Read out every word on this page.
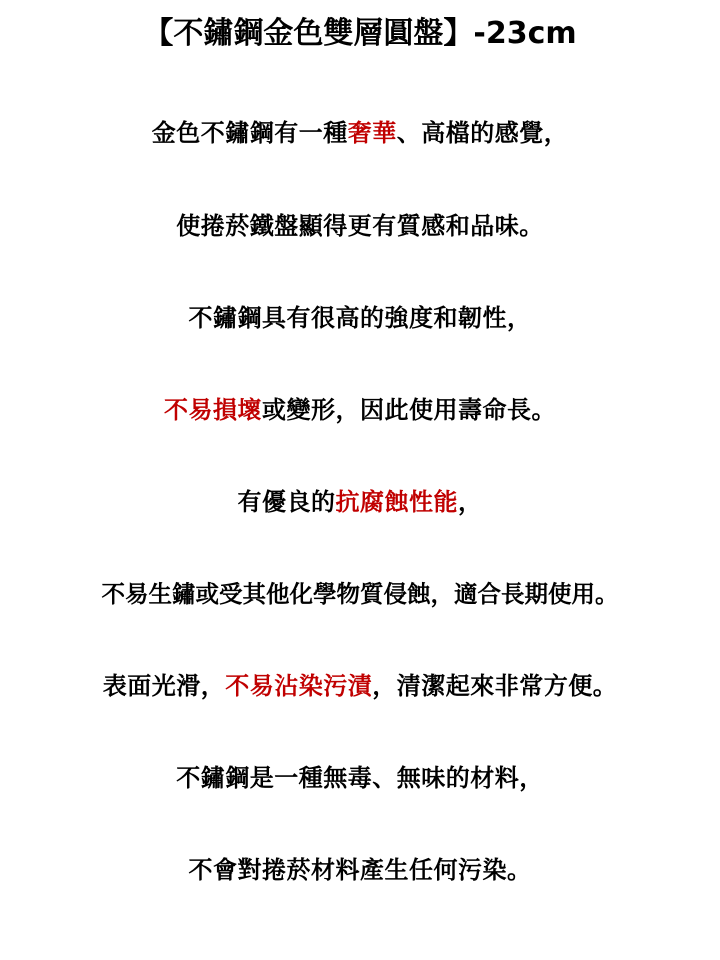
【不鏽鋼金色雙層圓盤】-23cm
金色不鏽鋼有一種奢華、高檔的感覺，
使捲菸鐵盤顯得更有質感和品味。
不鏽鋼具有很高的強度和韌性，
不易損壞或變形，因此使用壽命長。
有優良的抗腐蝕性能，
不易生鏽或受其他化學物質侵蝕，適合長期使用。
表面光滑，不易沾染污漬，清潔起來非常方便。
不鏽鋼是一種無毒、無味的材料，
不會對捲菸材料產生任何污染。
